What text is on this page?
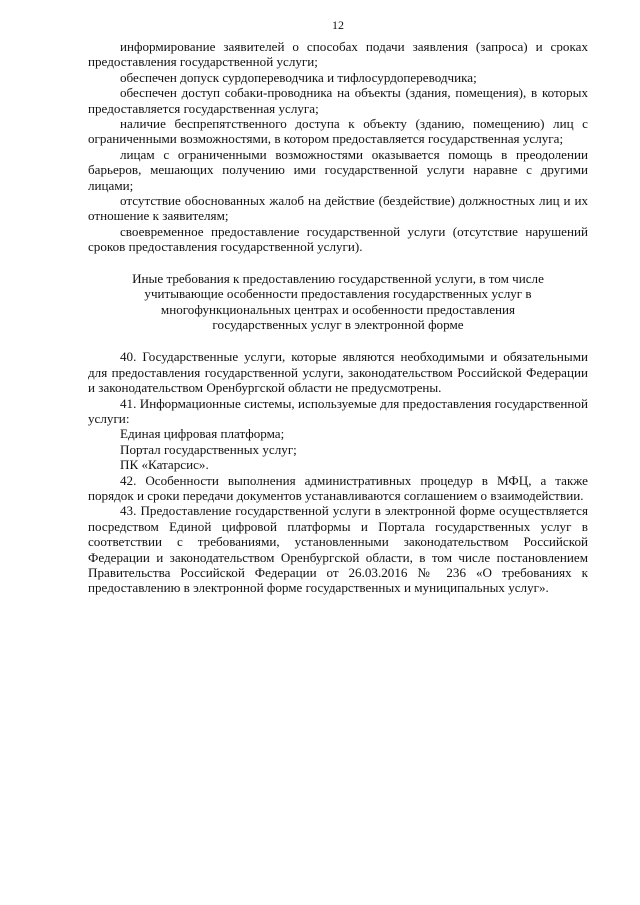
12

информирование заявителей о способах подачи заявления (запроса) и сроках предоставления государственной услуги;

обеспечен допуск сурдопереводчика и тифлосурдопереводчика;

обеспечен доступ собаки-проводника на объекты (здания, помещения), в которых предоставляется государственная услуга;

наличие беспрепятственного доступа к объекту (зданию, помещению) лиц с ограниченными возможностями, в котором предоставляется государственная услуга;

лицам с ограниченными возможностями оказывается помощь в преодолении барьеров, мешающих получению ими государственной услуги наравне с другими лицами;

отсутствие обоснованных жалоб на действие (бездействие) должностных лиц и их отношение к заявителям;

своевременное предоставление государственной услуги (отсутствие нарушений сроков предоставления государственной услуги).

Иные требования к предоставлению государственной услуги, в том числе
учитывающие особенности предоставления государственных услуг в
многофункциональных центрах и особенности предоставления
государственных услуг в электронной форме

40. Государственные услуги, которые являются необходимыми и обязательными для предоставления государственной услуги, законодательством Российской Федерации и законодательством Оренбургской области не предусмотрены.

41. Информационные системы, используемые для предоставления государственной услуги:

Единая цифровая платформа;

Портал государственных услуг;

ПК «Катарсис».

42. Особенности выполнения административных процедур в МФЦ, а также порядок и сроки передачи документов устанавливаются соглашением о взаимодействии.

43. Предоставление государственной услуги в электронной форме осуществляется посредством Единой цифровой платформы и Портала государственных услуг в соответствии с требованиями, установленными законодательством Российской Федерации и законодательством Оренбургской области, в том числе постановлением Правительства Российской Федерации от 26.03.2016 № 236 «О требованиях к предоставлению в электронной форме государственных и муниципальных услуг».
